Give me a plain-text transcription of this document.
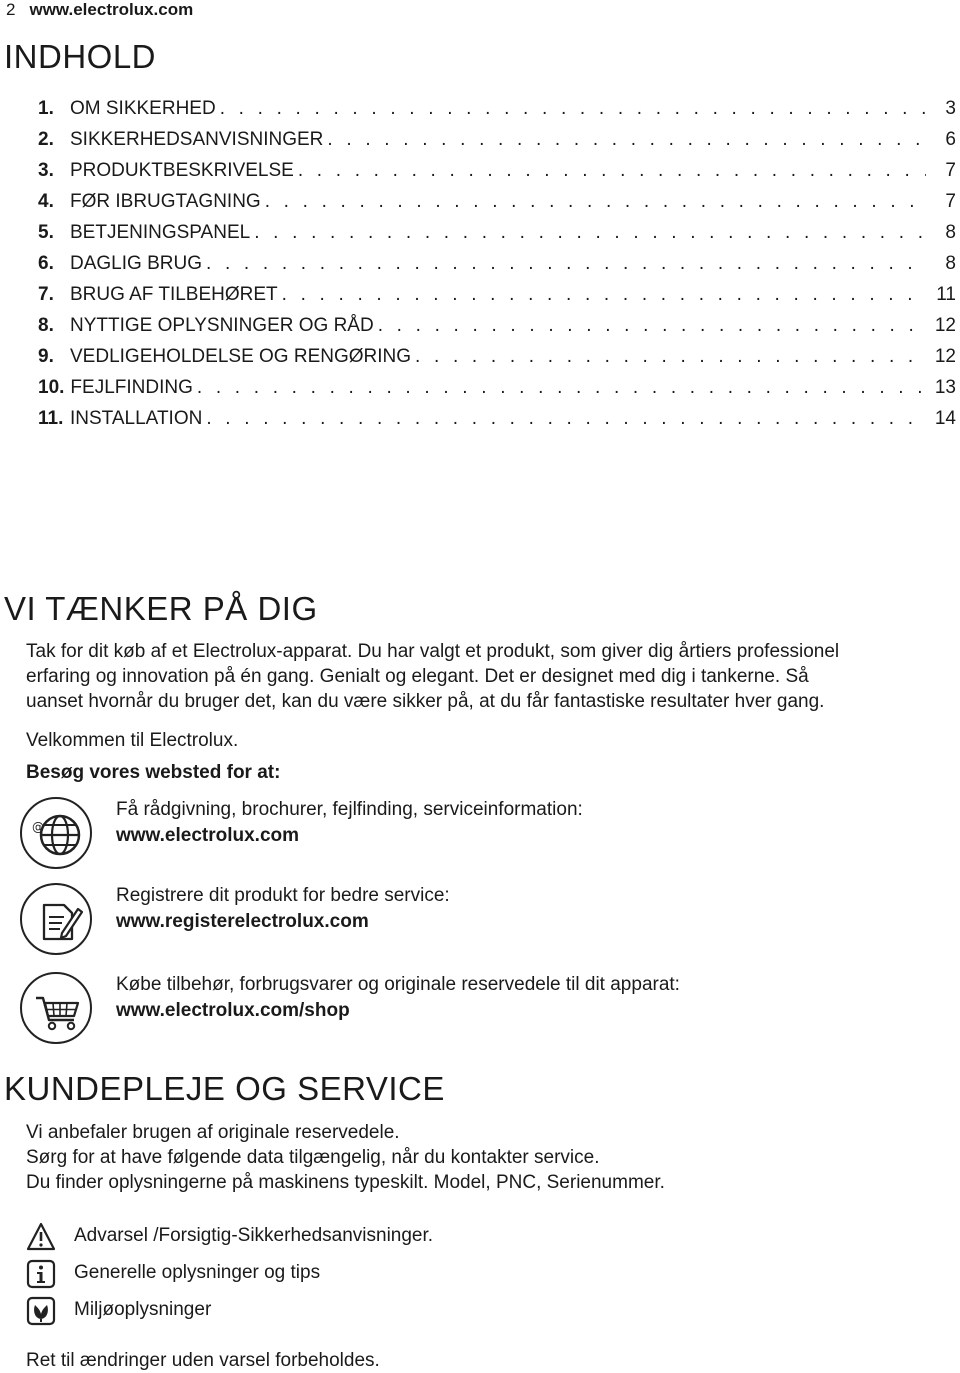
2 www.electrolux.com
INDHOLD
1. OM SIKKERHED . . .	3
2. SIKKERHEDSANVISNINGER . . .	6
3. PRODUKTBESKRIVELSE . . .	7
4. FØR IBRUGTAGNING . . .	7
5. BETJENINGSPANEL . . .	8
6. DAGLIG BRUG . . .	8
7. BRUG AF TILBEHØRET . . .	11
8. NYTTIGE OPLYSNINGER OG RÅD . . .	12
9. VEDLIGEHOLDELSE OG RENGØRING . . .	12
10. FEJLFINDING . . .	13
11. INSTALLATION . . .	14
VI TÆNKER PÅ DIG
Tak for dit køb af et Electrolux-apparat. Du har valgt et produkt, som giver dig årtiers professionel
erfaring og innovation på én gang. Genialt og elegant. Det er designet med dig i tankerne. Så
uanset hvornår du bruger det, kan du være sikker på, at du får fantastiske resultater hver gang.
Velkommen til Electrolux.
Besøg vores websted for at:
@
Få rådgivning, brochurer, fejlfinding, serviceinformation:
www.electrolux.com
Registrere dit produkt for bedre service:
www.registerelectrolux.com
Købe tilbehør, forbrugsvarer og originale reservedele til dit apparat:
www.electrolux.com/shop
KUNDEPLEJE OG SERVICE
Vi anbefaler brugen af originale reservedele.
Sørg for at have følgende data tilgængelig, når du kontakter service.
Du finder oplysningerne på maskinens typeskilt. Model, PNC, Serienummer.
Advarsel /Forsigtig-Sikkerhedsanvisninger.
Generelle oplysninger og tips
Miljøoplysninger
Ret til ændringer uden varsel forbeholdes.
